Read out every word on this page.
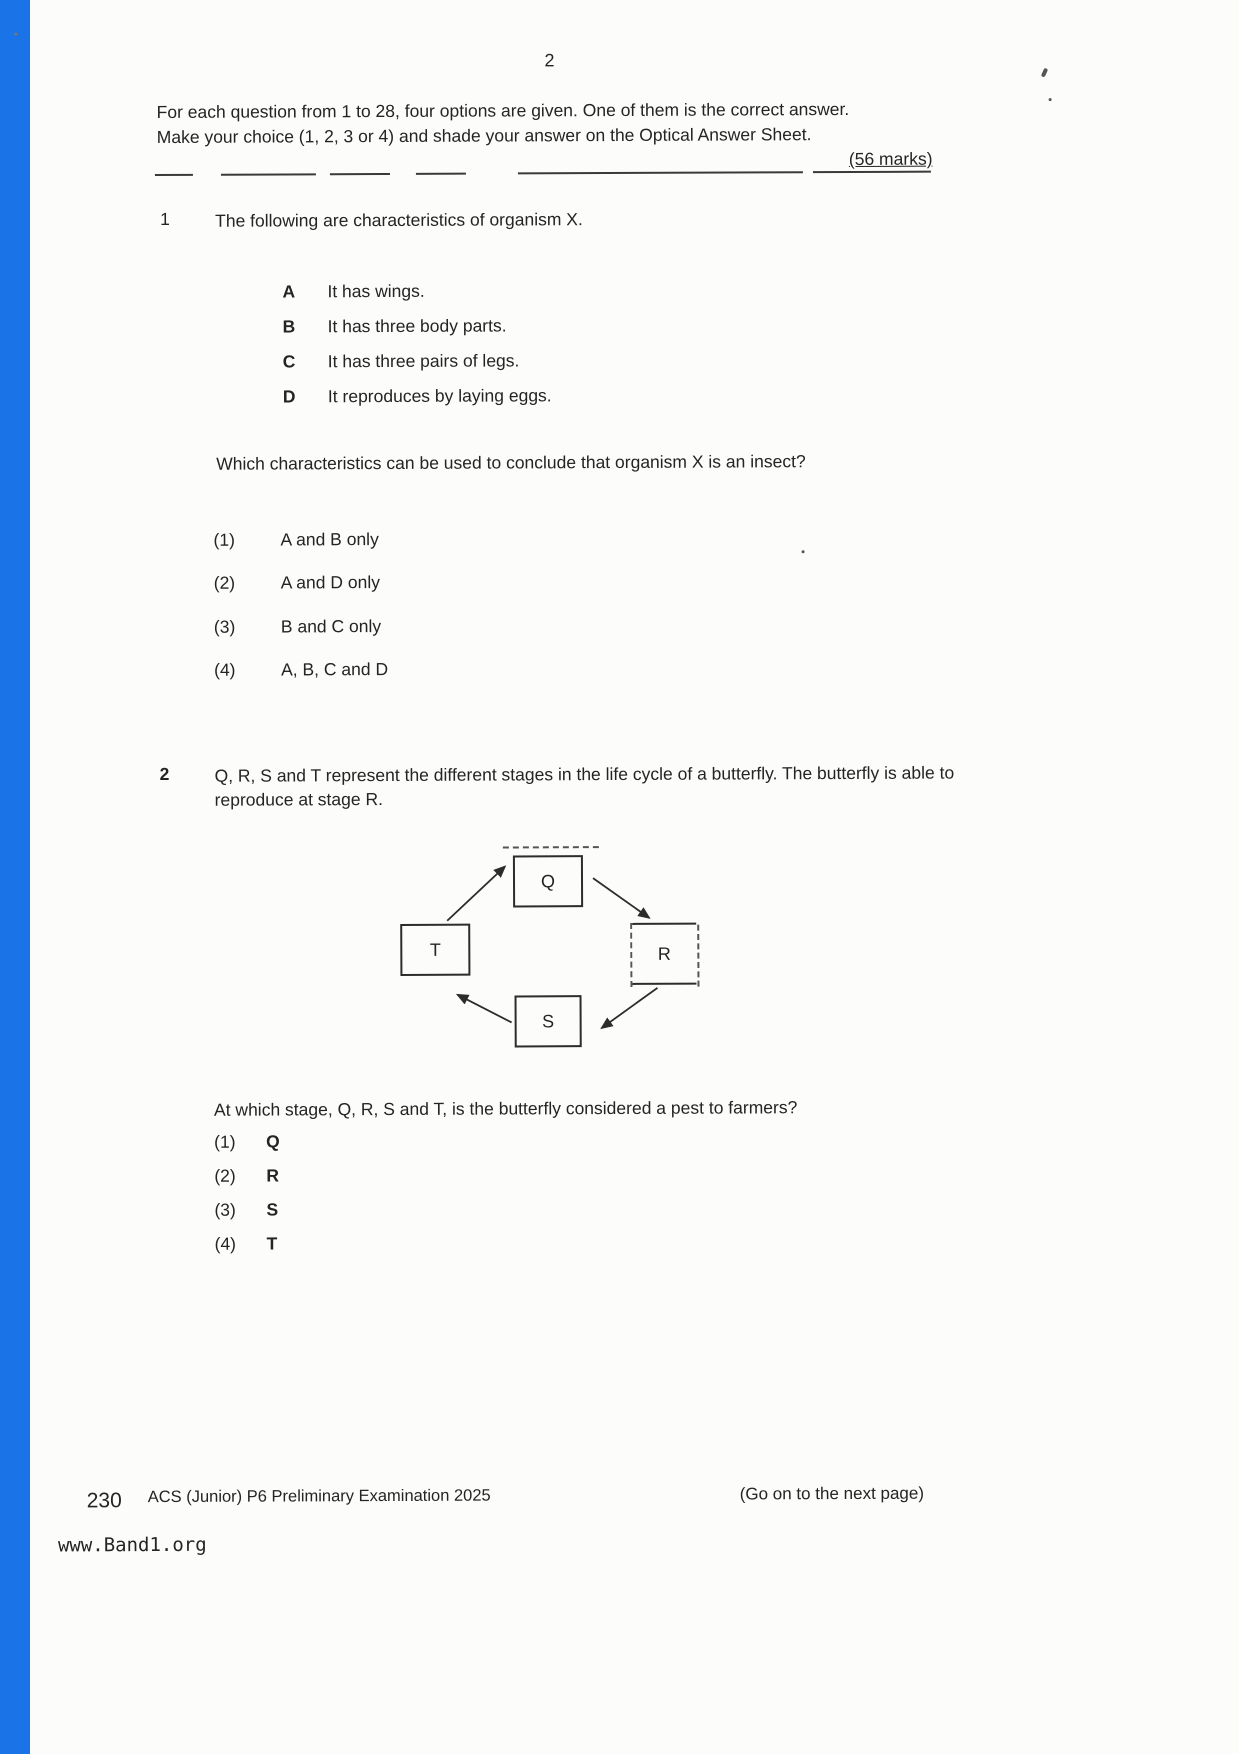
2
For each question from 1 to 28, four options are given. One of them is the correct answer.
Make your choice (1, 2, 3 or 4) and shade your answer on the Optical Answer Sheet.
(56 marks)
1	The following are characteristics of organism X.
A	It has wings.
B	It has three body parts.
C	It has three pairs of legs.
D	It reproduces by laying eggs.
Which characteristics can be used to conclude that organism X is an insect?
(1)	A and B only
(2)	A and D only
(3)	B and C only
(4)	A, B, C and D
2	Q, R, S and T represent the different stages in the life cycle of a butterfly. The butterfly is able to reproduce at stage R.
Q
T	R
S
At which stage, Q, R, S and T, is the butterfly considered a pest to farmers?
(1)	Q
(2)	R
(3)	S
(4)	T
230 ACS (Junior) P6 Preliminary Examination 2025	(Go on to the next page)
www.Band1.org
